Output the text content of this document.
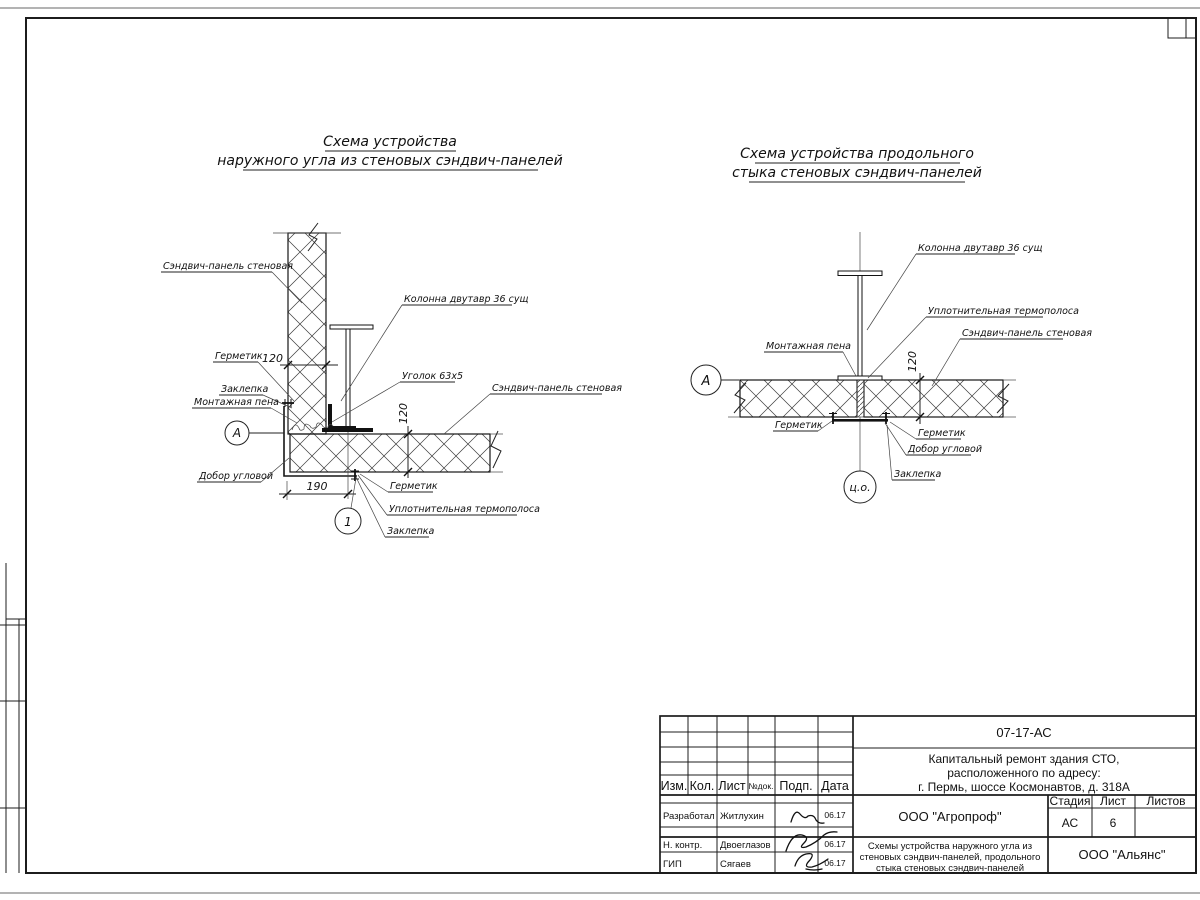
Схема устройства
наружного угла из стеновых сэндвич-панелей
120
120
190
А
1
Сэндвич-панель стеновая
Колонна двутавр 36 сущ
Уголок 63х5
Герметик
Заклепка
Монтажная пена
Сэндвич-панель стеновая
Добор угловой
Герметик
Уплотнительная термополоса
Заклепка
Схема устройства продольного
стыка стеновых сэндвич-панелей
120
А
ц.о.
Колонна двутавр 36 сущ
Уплотнительная термополоса
Сэндвич-панель стеновая
Монтажная пена
Герметик
Герметик
Добор угловой
Заклепка
07-17-АС
Капитальный ремонт здания СТО,
расположенного по адресу:
г. Пермь, шоссе Космонавтов, д. 318А
Изм. Кол. Лист №док. Подп. Дата
Разработал Житлухин	06.17
Н. контр. Двоеглазов	06.17
ГИП	Сягаев	06.17
ООО "Агропроф"
Схемы устройства наружного угла из
стеновых сэндвич-панелей, продольного
стыка стеновых сэндвич-панелей
Стадия Лист Листов
АС	6
ООО "Альянс"
